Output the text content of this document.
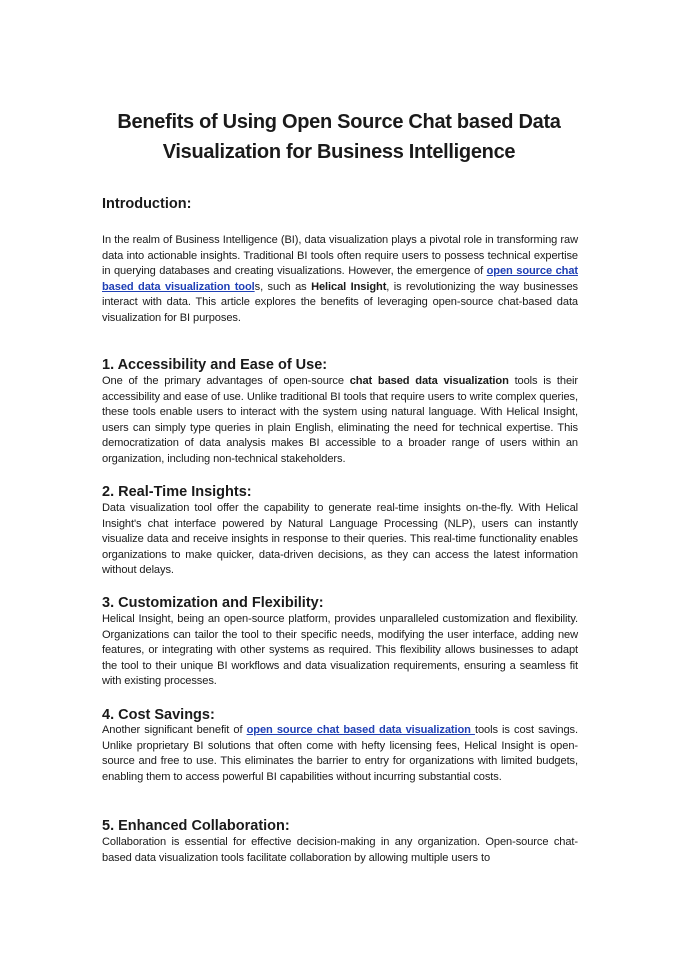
Benefits of Using Open Source Chat based Data
Visualization for Business Intelligence
Introduction:

In the realm of Business Intelligence (BI), data visualization plays a pivotal role in transforming raw data into actionable insights. Traditional BI tools often require users to possess technical expertise in querying databases and creating visualizations. However, the emergence of open source chat based data visualization tools, such as Helical Insight, is revolutionizing the way businesses interact with data. This article explores the benefits of leveraging open-source chat-based data visualization for BI purposes.

1. Accessibility and Ease of Use:

One of the primary advantages of open-source chat based data visualization tools is their accessibility and ease of use. Unlike traditional BI tools that require users to write complex queries, these tools enable users to interact with the system using natural language. With Helical Insight, users can simply type queries in plain English, eliminating the need for technical expertise. This democratization of data analysis makes BI accessible to a broader range of users within an organization, including non-technical stakeholders.

2. Real-Time Insights:

Data visualization tool offer the capability to generate real-time insights on-the-fly. With Helical Insight's chat interface powered by Natural Language Processing (NLP), users can instantly visualize data and receive insights in response to their queries. This real-time functionality enables organizations to make quicker, data-driven decisions, as they can access the latest information without delays.

3. Customization and Flexibility:

Helical Insight, being an open-source platform, provides unparalleled customization and flexibility. Organizations can tailor the tool to their specific needs, modifying the user interface, adding new features, or integrating with other systems as required. This flexibility allows businesses to adapt the tool to their unique BI workflows and data visualization requirements, ensuring a seamless fit with existing processes.

4. Cost Savings:

Another significant benefit of open source chat based data visualization tools is cost savings. Unlike proprietary BI solutions that often come with hefty licensing fees, Helical Insight is open-source and free to use. This eliminates the barrier to entry for organizations with limited budgets, enabling them to access powerful BI capabilities without incurring substantial costs.

5. Enhanced Collaboration:

Collaboration is essential for effective decision-making in any organization. Open-source chat-based data visualization tools facilitate collaboration by allowing multiple users to
